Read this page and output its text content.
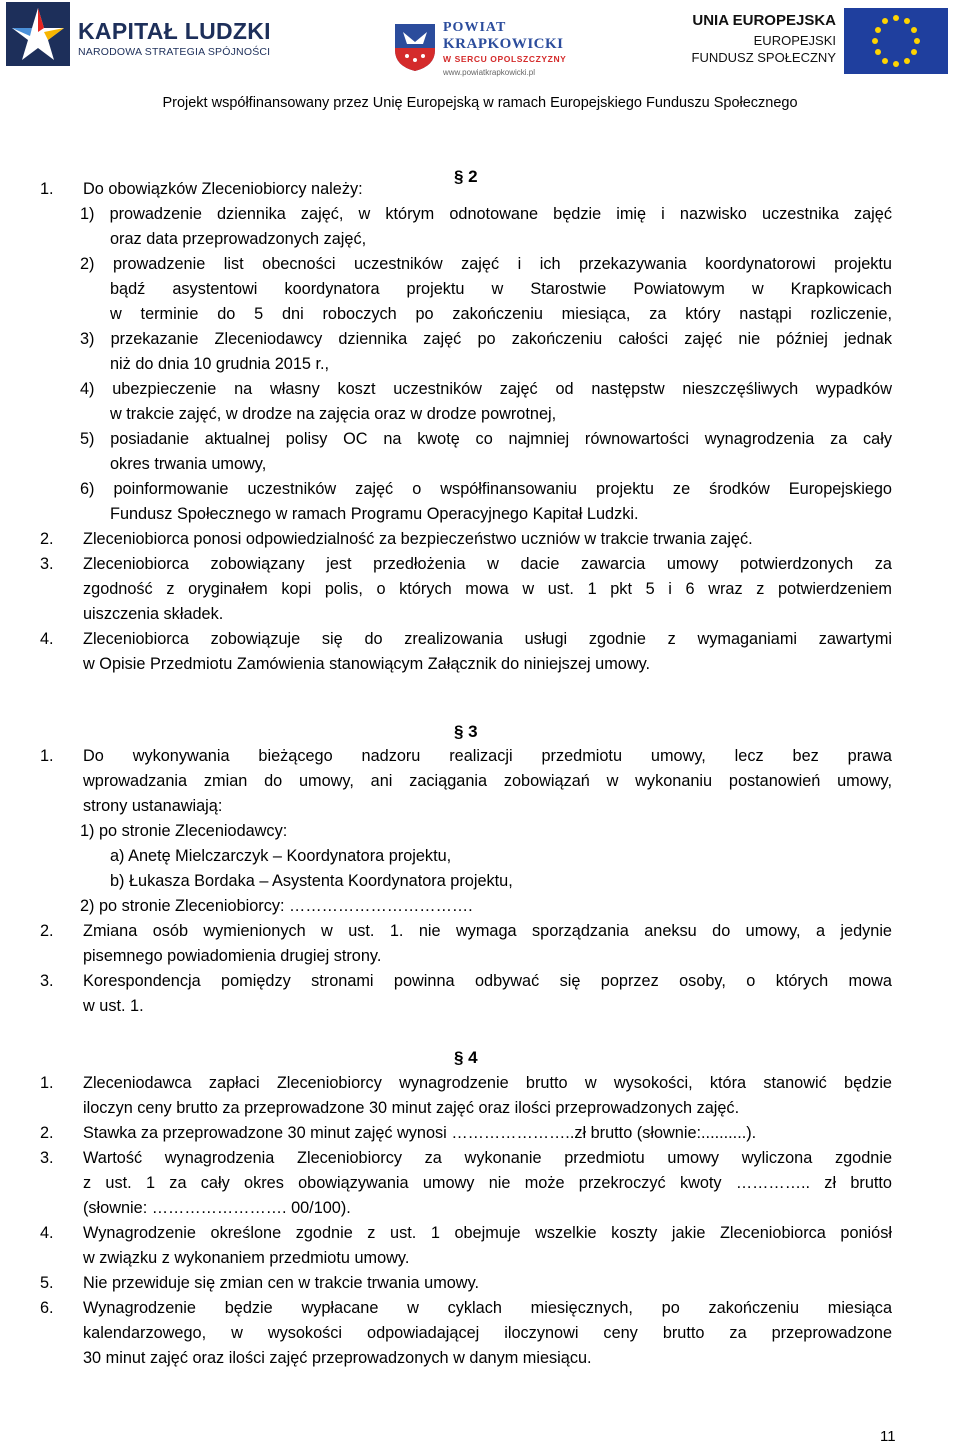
KAPITAŁ LUDZKI
NARODOWA STRATEGIA SPÓJNOŚCI
POWIAT
KRAPKOWICKI
W SERCU OPOLSZCZYZNY
www.powiatkrapkowicki.pl
UNIA EUROPEJSKA
EUROPEJSKI
FUNDUSZ SPOŁECZNY
Projekt współfinansowany przez Unię Europejską w ramach Europejskiego Funduszu Społecznego
§ 2
1. Do obowiązków Zleceniobiorcy należy:
1) prowadzenie dziennika zajęć, w którym odnotowane będzie imię i nazwisko uczestnika zajęć
oraz data przeprowadzonych zajęć,
2) prowadzenie list obecności uczestników zajęć i ich przekazywania koordynatorowi projektu
bądź asystentowi koordynatora projektu w Starostwie Powiatowym w Krapkowicach
w terminie do 5 dni roboczych po zakończeniu miesiąca, za który nastąpi rozliczenie,
3) przekazanie Zleceniodawcy dziennika zajęć po zakończeniu całości zajęć nie później jednak
niż do dnia 10 grudnia 2015 r.,
4) ubezpieczenie na własny koszt uczestników zajęć od następstw nieszczęśliwych wypadków
w trakcie zajęć, w drodze na zajęcia oraz w drodze powrotnej,
5) posiadanie aktualnej polisy OC na kwotę co najmniej równowartości wynagrodzenia za cały
okres trwania umowy,
6) poinformowanie uczestników zajęć o współfinansowaniu projektu ze środków Europejskiego
Fundusz Społecznego w ramach Programu Operacyjnego Kapitał Ludzki.
2. Zleceniobiorca ponosi odpowiedzialność za bezpieczeństwo uczniów w trakcie trwania zajęć.
3. Zleceniobiorca zobowiązany jest przedłożenia w dacie zawarcia umowy potwierdzonych za
zgodność z oryginałem kopi polis, o których mowa w ust. 1 pkt 5 i 6 wraz z potwierdzeniem
uiszczenia składek.
4. Zleceniobiorca zobowiązuje się do zrealizowania usługi zgodnie z wymaganiami zawartymi
w Opisie Przedmiotu Zamówienia stanowiącym Załącznik do niniejszej umowy.
§ 3
1. Do wykonywania bieżącego nadzoru realizacji przedmiotu umowy, lecz bez prawa
wprowadzania zmian do umowy, ani zaciągania zobowiązań w wykonaniu postanowień umowy,
strony ustanawiają:
1) po stronie Zleceniodawcy:
a) Anetę Mielczarczyk – Koordynatora projektu,
b) Łukasza Bordaka – Asystenta Koordynatora projektu,
2) po stronie Zleceniobiorcy: …………………………….
2. Zmiana osób wymienionych w ust. 1. nie wymaga sporządzania aneksu do umowy, a jedynie
pisemnego powiadomienia drugiej strony.
3. Korespondencja pomiędzy stronami powinna odbywać się poprzez osoby, o których mowa
w ust. 1.
§ 4
1. Zleceniodawca zapłaci Zleceniobiorcy wynagrodzenie brutto w wysokości, która stanowić będzie
iloczyn ceny brutto za przeprowadzone 30 minut zajęć oraz ilości przeprowadzonych zajęć.
2. Stawka za przeprowadzone 30 minut zajęć wynosi …………………..zł brutto (słownie:..........).
3. Wartość wynagrodzenia Zleceniobiorcy za wykonanie przedmiotu umowy wyliczona zgodnie
z ust. 1 za cały okres obowiązywania umowy nie może przekroczyć kwoty ………….. zł brutto
(słownie: ……………………. 00/100).
4. Wynagrodzenie określone zgodnie z ust. 1 obejmuje wszelkie koszty jakie Zleceniobiorca poniósł
w związku z wykonaniem przedmiotu umowy.
5. Nie przewiduje się zmian cen w trakcie trwania umowy.
6. Wynagrodzenie będzie wypłacane w cyklach miesięcznych, po zakończeniu miesiąca
kalendarzowego, w wysokości odpowiadającej iloczynowi ceny brutto za przeprowadzone
30 minut zajęć oraz ilości zajęć przeprowadzonych w danym miesiącu.
11
